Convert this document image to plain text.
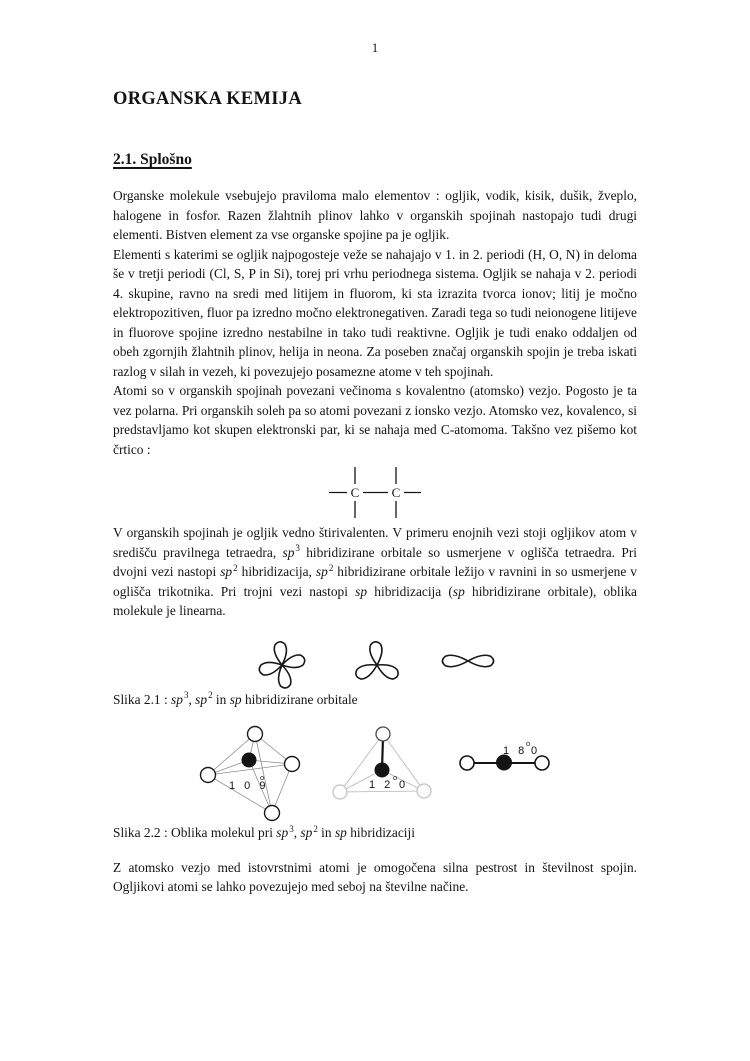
1
ORGANSKA KEMIJA
2.1. Splošno

Organske molekule vsebujejo praviloma malo elementov : ogljik, vodik, kisik, dušik, žveplo, halogene in fosfor. Razen žlahtnih plinov lahko v organskih spojinah nastopajo tudi drugi elementi. Bistven element za vse organske spojine pa je ogljik.

Elementi s katerimi se ogljik najpogosteje veže se nahajajo v 1. in 2. periodi (H, O, N) in deloma še v tretji periodi (Cl, S, P in Si), torej pri vrhu periodnega sistema. Ogljik se nahaja v 2. periodi 4. skupine, ravno na sredi med litijem in fluorom, ki sta izrazita tvorca ionov; litij je močno elektropozitiven, fluor pa izredno močno elektronegativen. Zaradi tega so tudi neionogene litijeve in fluorove spojine izredno nestabilne in tako tudi reaktivne. Ogljik je tudi enako oddaljen od obeh zgornjih žlahtnih plinov, helija in neona. Za poseben značaj organskih spojin je treba iskati razlog v silah in vezeh, ki povezujejo posamezne atome v teh spojinah.

Atomi so v organskih spojinah povezani večinoma s kovalentno (atomsko) vezjo. Pogosto je ta vez polarna. Pri organskih soleh pa so atomi povezani z ionsko vezjo. Atomsko vez, kovalenco, si predstavljamo kot skupen elektronski par, ki se nahaja med C-atomoma. Takšno vez pišemo kot črtico :

C C

V organskih spojinah je ogljik vedno štirivalenten. V primeru enojnih vezi stoji ogljikov atom v središču pravilnega tetraedra, $sp^3$ hibridizirane orbitale so usmerjene v oglišča tetraedra. Pri dvojni vezi nastopi $sp^2$ hibridizacija, $sp^2$ hibridizirane orbitale ležijo v ravnini in so usmerjene v oglišča trikotnika. Pri trojni vezi nastopi sp hibridizacija (sp hibridizirane orbitale), oblika molekule je linearna.

Slika 2.1 : $sp^3$, $sp^2$ in sp hibridizirane orbitale

1 0 9
o
1 2
o
0
1 8
o
0

Slika 2.2 : Oblika molekul pri $sp^3$, $sp^2$ in sp hibridizaciji

Z atomsko vezjo med istovrstnimi atomi je omogočena silna pestrost in številnost spojin. Ogljikovi atomi se lahko povezujejo med seboj na številne načine.
